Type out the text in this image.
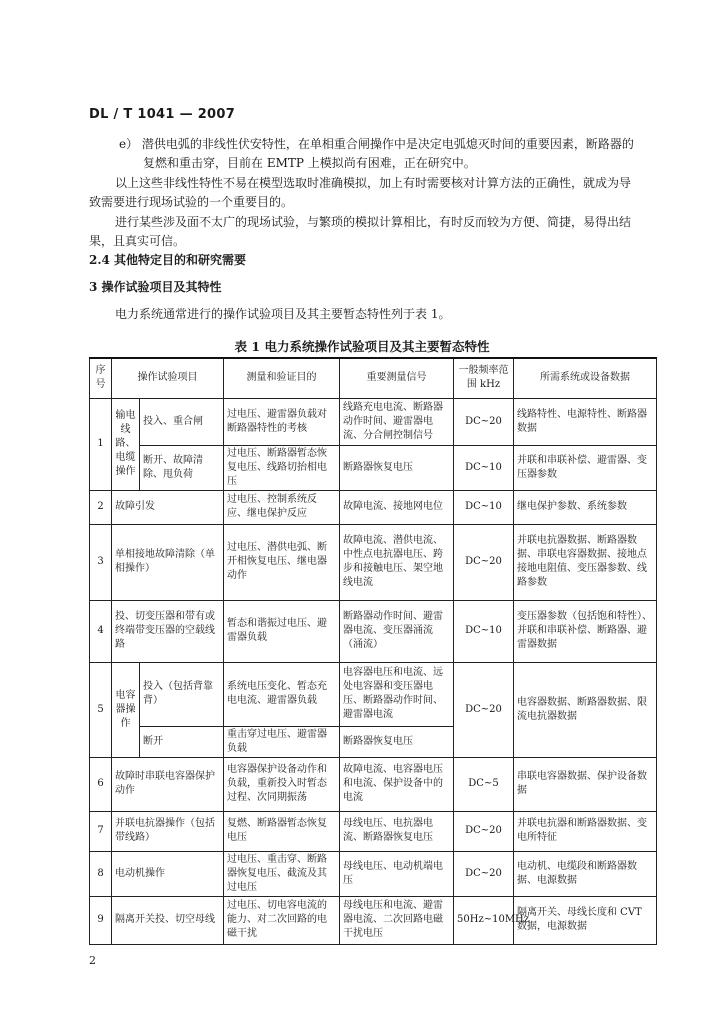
DL / T 1041 — 2007
e） 潜供电弧的非线性伏安特性，在单相重合闸操作中是决定电弧熄灭时间的重要因素，断路器的
复燃和重击穿，目前在 EMTP 上模拟尚有困难，正在研究中。
以上这些非线性特性不易在模型选取时准确模拟，加上有时需要核对计算方法的正确性，就成为导
致需要进行现场试验的一个重要目的。
进行某些涉及面不太广的现场试验，与繁琐的模拟计算相比，有时反而较为方便、简捷，易得出结
果，且真实可信。
2.4 其他特定目的和研究需要
3 操作试验项目及其特性
电力系统通常进行的操作试验项目及其主要暂态特性列于表 1。
表 1 电力系统操作试验项目及其主要暂态特性
序号	操作试验项目		测量和验证目的	重要测量信号	一般频率范围 kHz	所需系统或设备数据
1	输电线路、电缆操作	投入、重合闸	过电压、避雷器负载对断路器特性的考核	线路充电电流、断路器动作时间、避雷器电流、分合闸控制信号	DC~20	线路特性、电源特性、断路器数据
		断开、故障清除、甩负荷	过电压、断路器暂态恢复电压、线路切抬相电压	断路器恢复电压	DC~10	并联和串联补偿、避雷器、变压器参数
2	故障引发		过电压、控制系统反应、继电保护反应	故障电流、接地网电位	DC~10	继电保护参数、系统参数
3	单相接地故障清除（单相操作）		过电压、潜供电弧、断开相恢复电压、继电器动作	故障电流、潜供电流、中性点电抗器电压、跨步和接触电压、架空地线电流	DC~20	并联电抗器数据、断路器数据、串联电容器数据、接地点接地电阻值、变压器参数、线路参数
4	投、切变压器和带有或终端带变压器的空载线路		暂态和谐振过电压、避雷器负载	断路器动作时间、避雷器电流、变压器涌流（涌流）	DC~10	变压器参数（包括饱和特性）、并联和串联补偿、断路器、避雷器数据
5	电容器操作	投入（包括背靠背）	系统电压变化、暂态充电电流、避雷器负载	电容器电压和电流、远处电容器和变压器电压、断路器动作时间、避雷器电流	DC~20	电容器数据、断路器数据、限流电抗器数据
		断开	重击穿过电压、避雷器负载	断路器恢复电压		
6	故障时串联电容器保护动作		电容器保护设备动作和负载，重新投入时暂态过程、次同期振荡	故障电流、电容器电压和电流、保护设备中的电流	DC~5	串联电容器数据、保护设备数据
7	并联电抗器操作（包括带线路）		复燃、断路器暂态恢复电压	母线电压、电抗器电流、断路器恢复电压	DC~20	并联电抗器和断路器数据、变电所特征
8	电动机操作		过电压、重击穿、断路器恢复电压、截流及其过电压	母线电压、电动机端电压	DC~20	电动机、电缆段和断路器数据、电源数据
9	隔离开关投、切空母线		过电压、切电容电流的能力、对二次回路的电磁干扰	母线电压和电流、避雷器电流、二次回路电磁干扰电压	50Hz~10MHz	隔离开关、母线长度和 CVT 数据，电源数据
2
